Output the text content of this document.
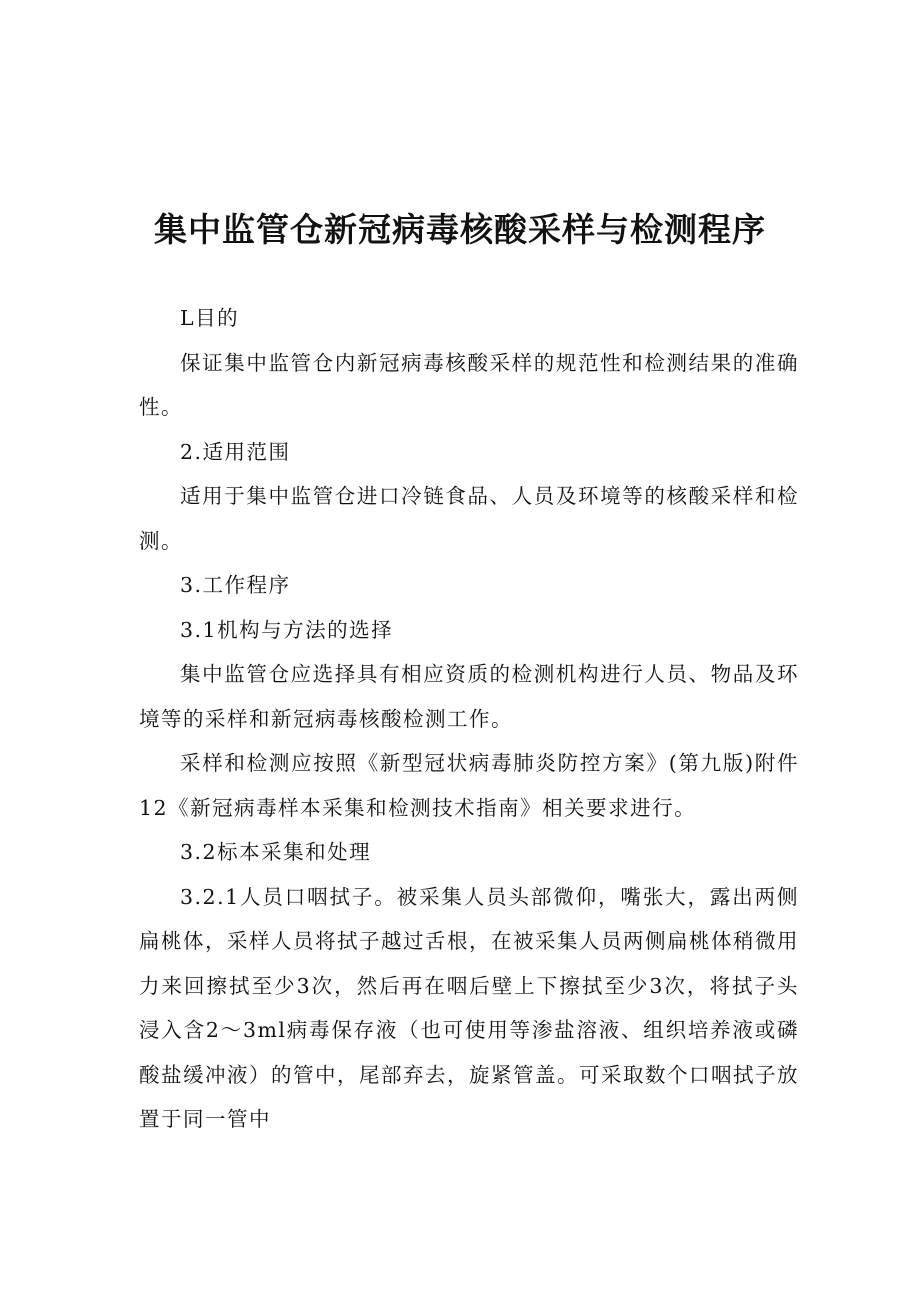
集中监管仓新冠病毒核酸采样与检测程序

L目的

保证集中监管仓内新冠病毒核酸采样的规范性和检测结果的准确性。

2.适用范围

适用于集中监管仓进口冷链食品、人员及环境等的核酸采样和检测。

3.工作程序

3.1机构与方法的选择

集中监管仓应选择具有相应资质的检测机构进行人员、物品及环境等的采样和新冠病毒核酸检测工作。

采样和检测应按照《新型冠状病毒肺炎防控方案》(第九版)附件12《新冠病毒样本采集和检测技术指南》相关要求进行。

3.2标本采集和处理

3.2.1人员口咽拭子。被采集人员头部微仰，嘴张大，露出两侧扁桃体，采样人员将拭子越过舌根，在被采集人员两侧扁桃体稍微用力来回擦拭至少3次，然后再在咽后壁上下擦拭至少3次，将拭子头浸入含2〜3ml病毒保存液（也可使用等渗盐溶液、组织培养液或磷酸盐缓冲液）的管中，尾部弃去，旋紧管盖。可采取数个口咽拭子放置于同一管中
